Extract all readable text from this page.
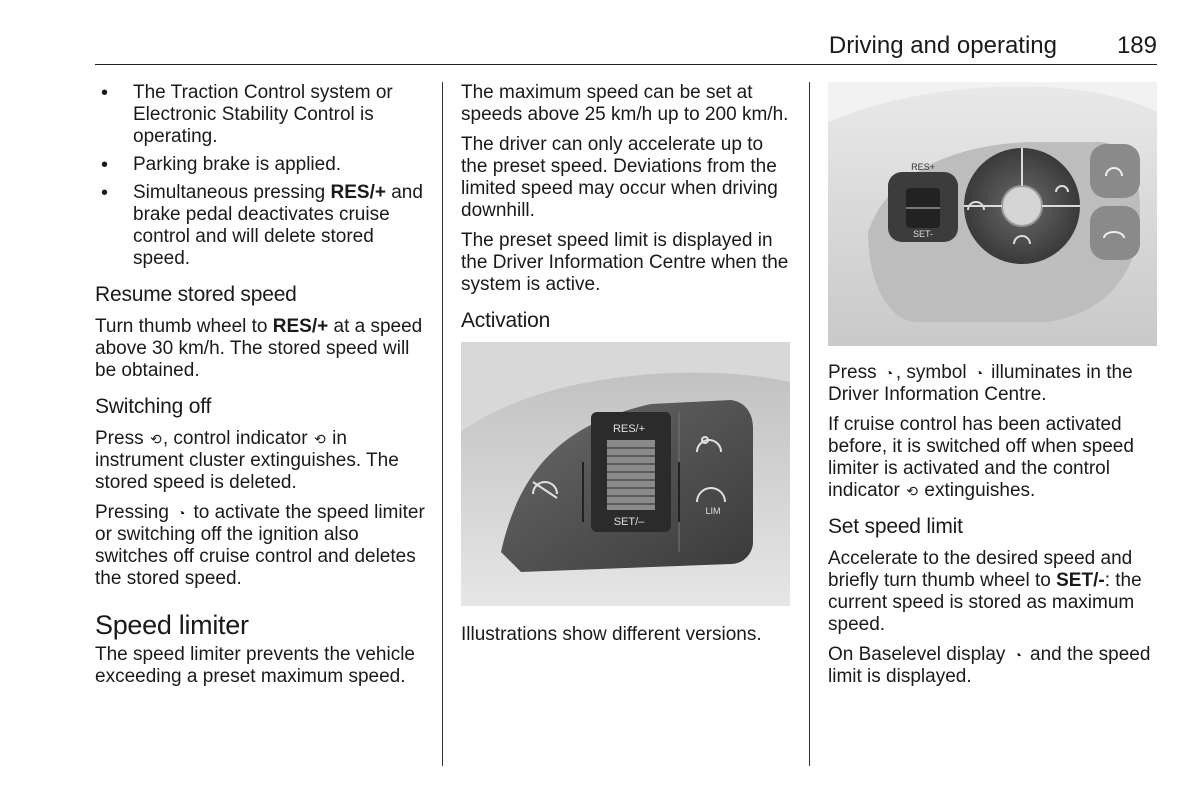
Driving and operating 189
• The Traction Control system or Electronic Stability Control is operating.
• Parking brake is applied.
• Simultaneous pressing RES/+ and brake pedal deactivates cruise control and will delete stored speed.
Resume stored speed

Turn thumb wheel to RES/+ at a speed above 30 km/h. The stored speed will be obtained.

Switching off

Press ⟲, control indicator ⟲ in instrument cluster extinguishes. The stored speed is deleted.

Pressing ◔ to activate the speed limiter or switching off the ignition also switches off cruise control and deletes the stored speed.

Speed limiter

The speed limiter prevents the vehicle exceeding a preset maximum speed.

The maximum speed can be set at speeds above 25 km/h up to 200 km/h.

The driver can only accelerate up to the preset speed. Deviations from the limited speed may occur when driving downhill.

The preset speed limit is displayed in the Driver Information Centre when the system is active.

Activation
RES/+
SET/–
LIM

Illustrations show different versions.

RES+
SET-

Press ◔ , symbol ◔ illuminates in the Driver Information Centre.

If cruise control has been activated before, it is switched off when speed limiter is activated and the control indicator ⟲ extinguishes.

Set speed limit

Accelerate to the desired speed and briefly turn thumb wheel to SET/-: the current speed is stored as maximum speed.

On Baselevel display ◔ and the speed limit is displayed.
